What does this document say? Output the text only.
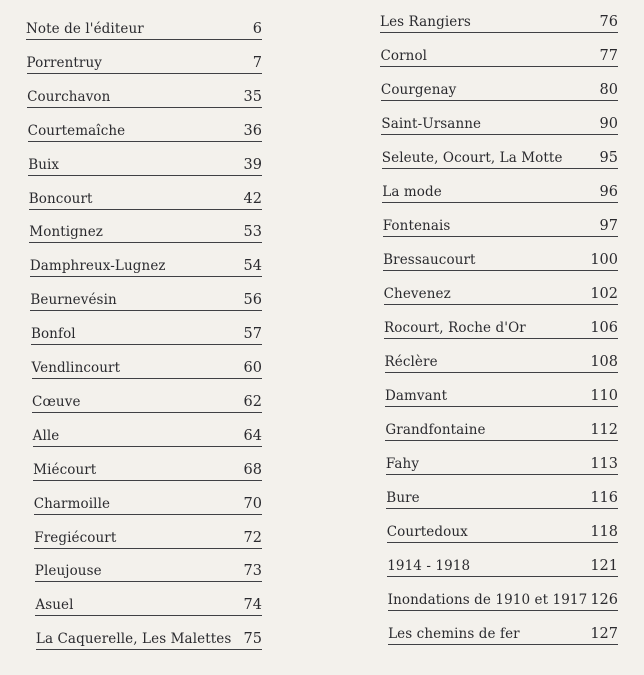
Note de l'éditeur	6
Porrentruy	7
Courchavon	35
Courtemaîche	36
Buix	39
Boncourt	42
Montignez	53
Damphreux-Lugnez	54
Beurnevésin	56
Bonfol	57
Vendlincourt	60
Cœuve	62
Alle	64
Miécourt	68
Charmoille	70
Fregiécourt	72
Pleujouse	73
Asuel	74
La Caquerelle, Les Malettes 75
Les Rangiers	76
Cornol	77
Courgenay	80
Saint-Ursanne	90
Seleute, Ocourt, La Motte	95
La mode	96
Fontenais	97
Bressaucourt	100
Chevenez	102
Rocourt, Roche d'Or	106
Réclère	108
Damvant	110
Grandfontaine	112
Fahy	113
Bure	116
Courtedoux	118
1914 - 1918	121
Inondations de 1910 et 1917 126
Les chemins de fer	127
